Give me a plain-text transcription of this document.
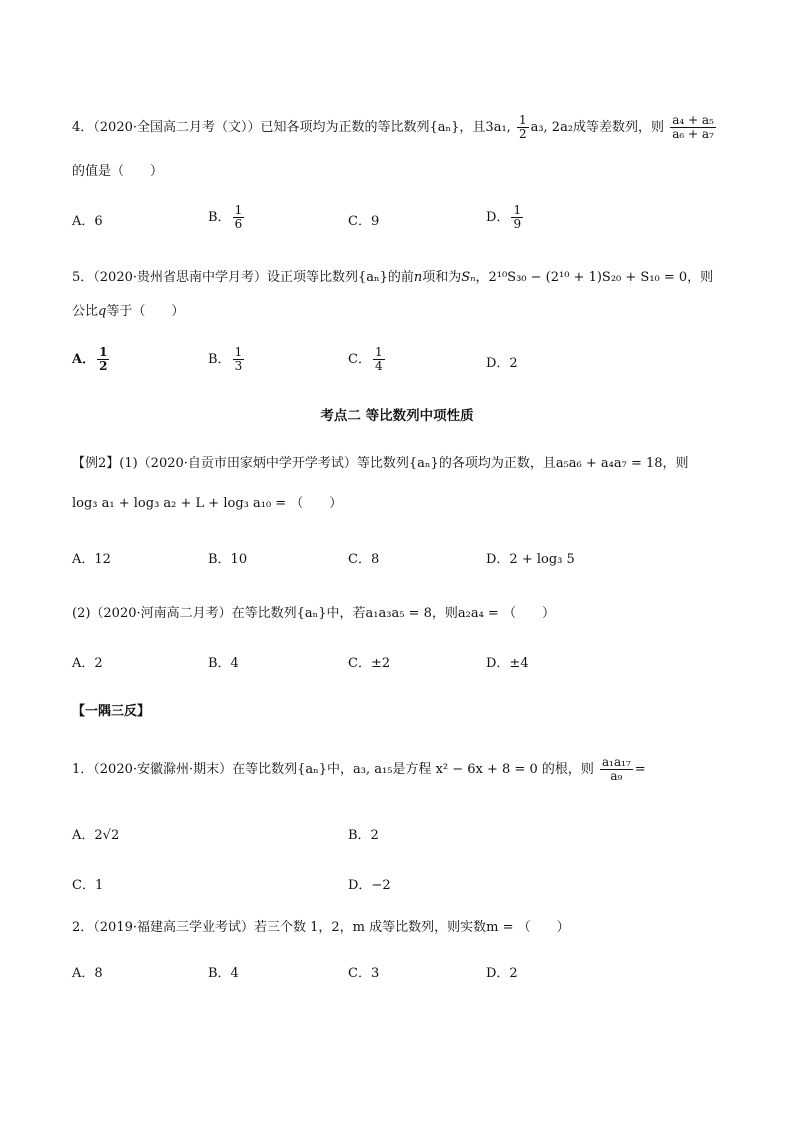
4．（2020·全国高二月考（文））已知各项均为正数的等比数列{aₙ}，且3a₁, $\frac{1}{2} a_3$, 2a₂成等差数列，则 $\frac{\text{a₄ + a₅}}{\text{a₆ + a₇}}$
的值是（　　）
A．6	B． $\frac{1}{6}$	C．9	D． $\frac{1}{9}$
5．（2020·贵州省思南中学月考）设正项等比数列{aₙ}的前n项和为Sₙ，2¹⁰S₃₀ − (2¹⁰ + 1)S₂₀ + S₁₀ = 0，则
公比q等于（　　）
A． $\frac{1}{2}$	B． $\frac{1}{3}$	C． $\frac{1}{4}$	D．2
考点二 等比数列中项性质
【例2】(1)（2020·自贡市田家炳中学开学考试）等比数列{aₙ}的各项均为正数，且a₅a₆ + a₄a₇ = 18，则
log₃ a₁ + log₃ a₂ + L + log₃ a₁₀ = （　　）
A．12	B．10	C．8	D．2 + log₃ 5
(2)（2020·河南高二月考）在等比数列{aₙ}中，若a₁a₃a₅ = 8，则a₂a₄ = （　　）
A．2	B．4	C．±2	D．±4
【一隅三反】
1．（2020·安徽滁州·期末）在等比数列{aₙ}中，a₃, a₁₅是方程 x² − 6x + 8 = 0 的根，则 $\frac{\text{a₁a₁₇}}{\text{a₉}}$ =
A．2√2	B．2
C．1	D．−2
2．（2019·福建高三学业考试）若三个数 1，2，m 成等比数列，则实数m = （　　）
A．8	B．4	C．3	D．2
